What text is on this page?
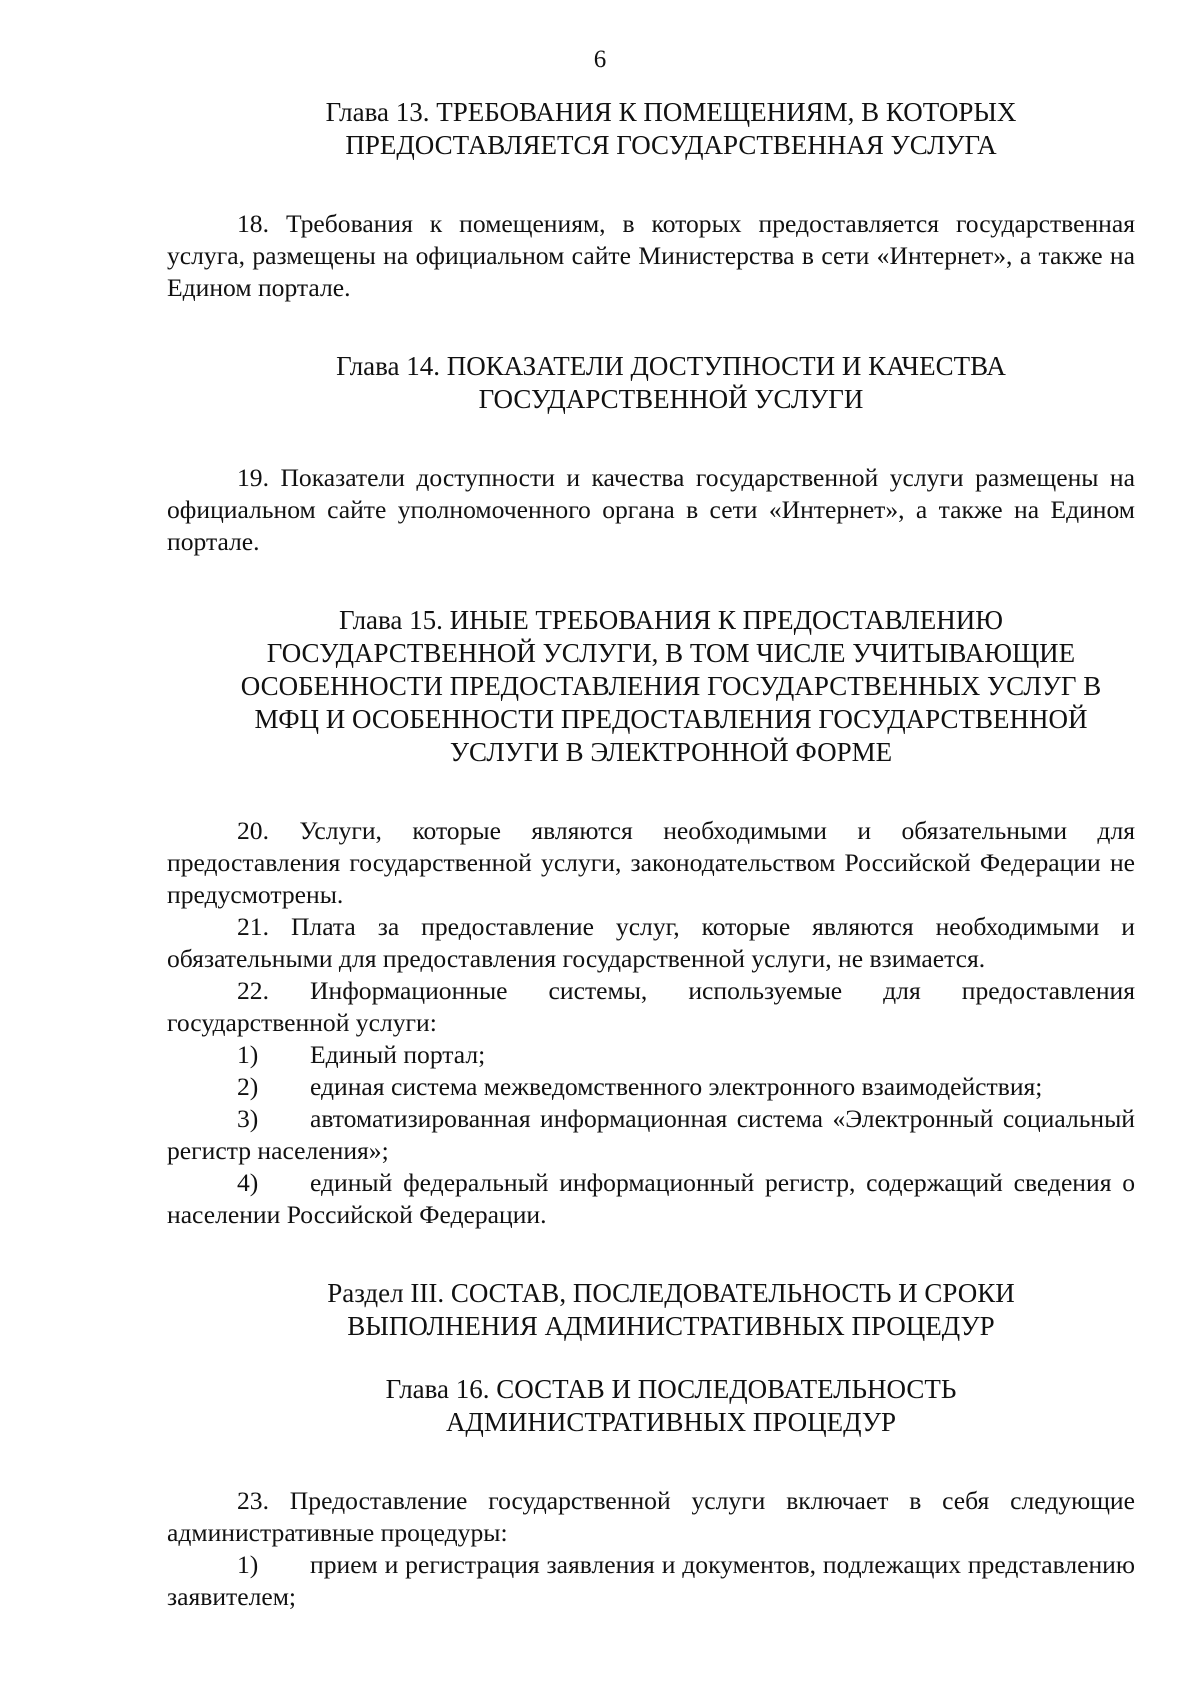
6
Глава 13. ТРЕБОВАНИЯ К ПОМЕЩЕНИЯМ, В КОТОРЫХ
ПРЕДОСТАВЛЯЕТСЯ ГОСУДАРСТВЕННАЯ УСЛУГА
18. Требования к помещениям, в которых предоставляется государственная услуга, размещены на официальном сайте Министерства в сети «Интернет», а также на Едином портале.
Глава 14. ПОКАЗАТЕЛИ ДОСТУПНОСТИ И КАЧЕСТВА
ГОСУДАРСТВЕННОЙ УСЛУГИ
19. Показатели доступности и качества государственной услуги размещены на официальном сайте уполномоченного органа в сети «Интернет», а также на Едином портале.
Глава 15. ИНЫЕ ТРЕБОВАНИЯ К ПРЕДОСТАВЛЕНИЮ
ГОСУДАРСТВЕННОЙ УСЛУГИ, В ТОМ ЧИСЛЕ УЧИТЫВАЮЩИЕ
ОСОБЕННОСТИ ПРЕДОСТАВЛЕНИЯ ГОСУДАРСТВЕННЫХ УСЛУГ В
МФЦ И ОСОБЕННОСТИ ПРЕДОСТАВЛЕНИЯ ГОСУДАРСТВЕННОЙ
УСЛУГИ В ЭЛЕКТРОННОЙ ФОРМЕ
20. Услуги, которые являются необходимыми и обязательными для предоставления государственной услуги, законодательством Российской Федерации не предусмотрены.
21. Плата за предоставление услуг, которые являются необходимыми и обязательными для предоставления государственной услуги, не взимается.
22. Информационные системы, используемые для предоставления государственной услуги:
1) Единый портал;
2) единая система межведомственного электронного взаимодействия;
3) автоматизированная информационная система «Электронный социальный регистр населения»;
4) единый федеральный информационный регистр, содержащий сведения о населении Российской Федерации.
Раздел III. СОСТАВ, ПОСЛЕДОВАТЕЛЬНОСТЬ И СРОКИ
ВЫПОЛНЕНИЯ АДМИНИСТРАТИВНЫХ ПРОЦЕДУР
Глава 16. СОСТАВ И ПОСЛЕДОВАТЕЛЬНОСТЬ
АДМИНИСТРАТИВНЫХ ПРОЦЕДУР
23. Предоставление государственной услуги включает в себя следующие административные процедуры:
1) прием и регистрация заявления и документов, подлежащих представлению заявителем;
